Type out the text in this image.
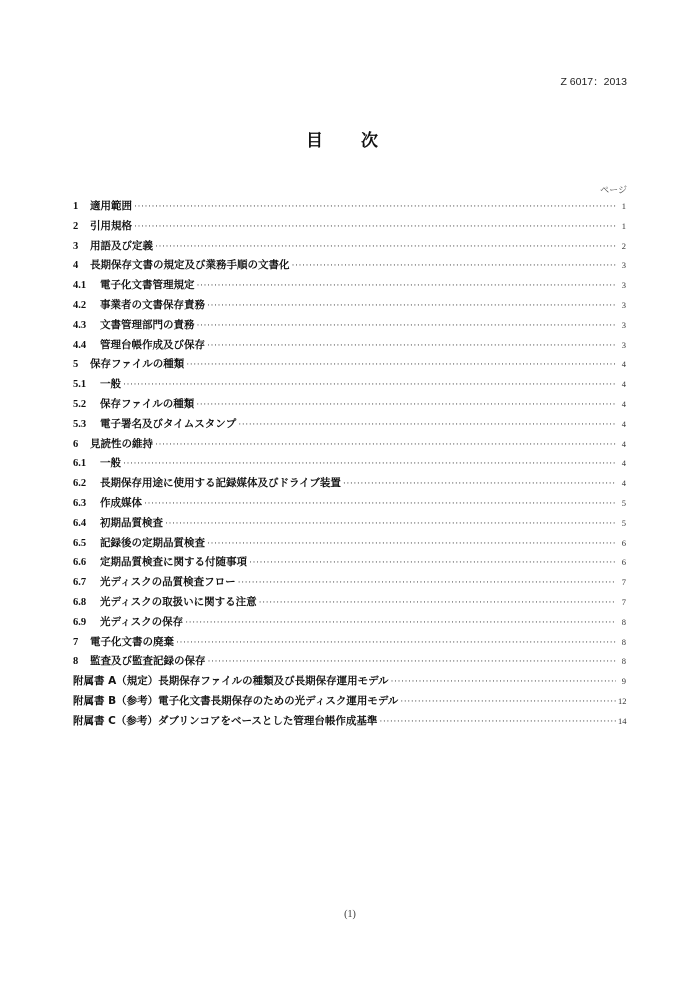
Z 6017：2013
目 次
ページ
1 適用範囲 ·····	1
2 引用規格 ·····	1
3 用語及び定義 ·····	2
4 長期保存文書の規定及び業務手順の文書化 ·····	3
4.1	電子化文書管理規定 ·····	3
4.2	事業者の文書保存責務 ·····	3
4.3	文書管理部門の責務 ·····	3
4.4	管理台帳作成及び保存 ·····	3
5 保存ファイルの種類 ·····	4
5.1	一般 ·····	4
5.2	保存ファイルの種類 ·····	4
5.3	電子署名及びタイムスタンプ ·····	4
6 見読性の維持 ·····	4
6.1	一般 ·····	4
6.2	長期保存用途に使用する記録媒体及びドライブ装置 ·····	4
6.3	作成媒体 ·····	5
6.4	初期品質検査 ·····	5
6.5	記録後の定期品質検査 ·····	6
6.6	定期品質検査に関する付随事項 ·····	6
6.7	光ディスクの品質検査フロー ·····	7
6.8	光ディスクの取扱いに関する注意 ·····	7
6.9	光ディスクの保存 ·····	8
7 電子化文書の廃棄 ·····	8
8 監査及び監査記録の保存 ·····	8
附属書 A（規定）長期保存ファイルの種類及び長期保存運用モデル ·····	9
附属書 B（参考）電子化文書長期保存のための光ディスク運用モデル ·····	12
附属書 C（参考）ダブリンコアをベースとした管理台帳作成基準 ·····	14
(1)
